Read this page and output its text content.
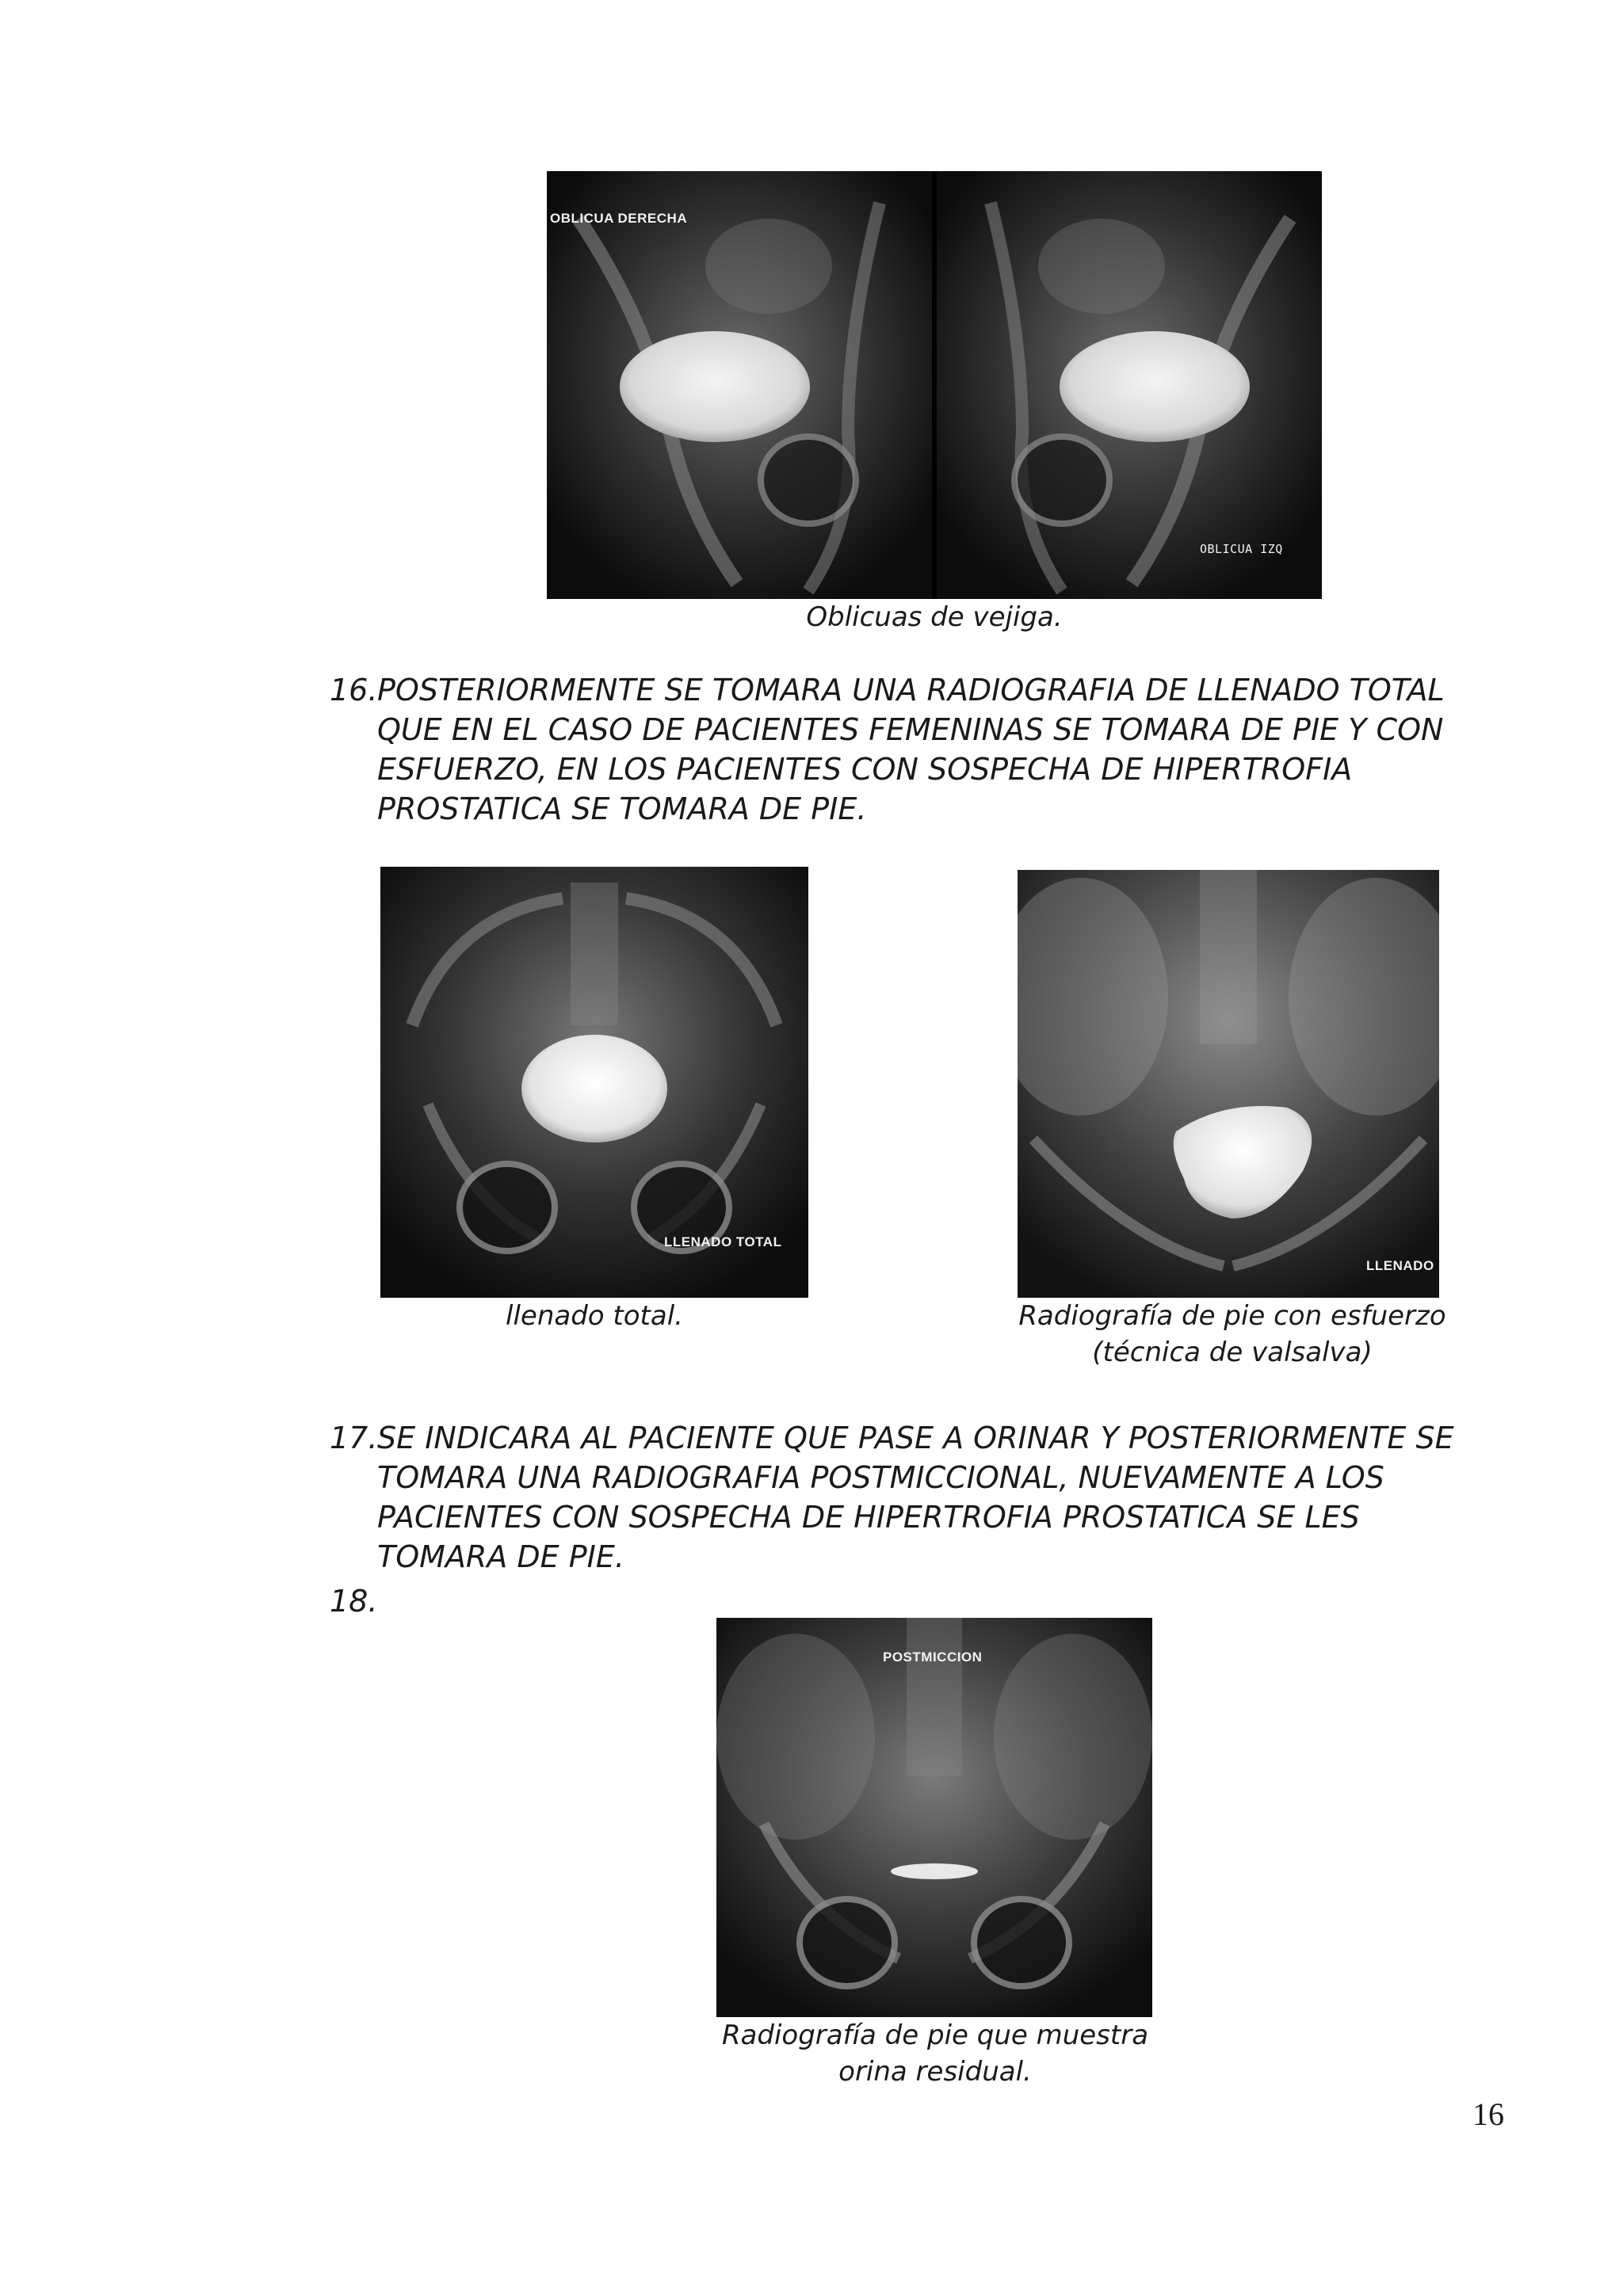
OBLICUA DERECHA
OBLICUA IZQ
Oblicuas de vejiga.
16. POSTERIORMENTE SE TOMARA UNA RADIOGRAFIA DE LLENADO TOTAL
QUE EN EL CASO DE PACIENTES FEMENINAS SE TOMARA DE PIE Y CON
ESFUERZO, EN LOS PACIENTES CON SOSPECHA DE HIPERTROFIA
PROSTATICA SE TOMARA DE PIE.
LLENADO TOTAL
llenado total.
LLENADO
Radiografía de pie con esfuerzo
(técnica de valsalva)
17. SE INDICARA AL PACIENTE QUE PASE A ORINAR Y POSTERIORMENTE SE
TOMARA UNA RADIOGRAFIA POSTMICCIONAL, NUEVAMENTE A LOS
PACIENTES CON SOSPECHA DE HIPERTROFIA PROSTATICA SE LES
TOMARA DE PIE.
18.
POSTMICCION
Radiografía de pie que muestra
orina residual.
16
